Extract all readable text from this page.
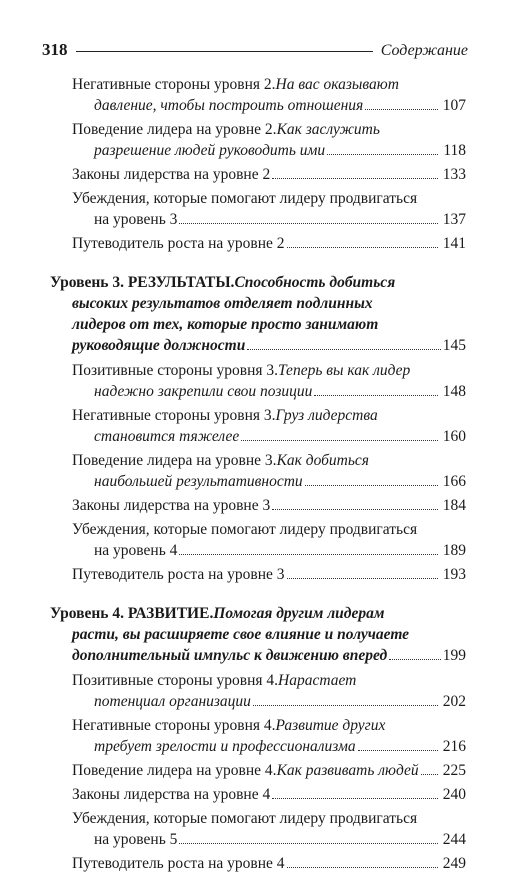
318	Содержание
Негативные стороны уровня 2. На вас оказывают
давление, чтобы построить отношения	107
Поведение лидера на уровне 2. Как заслужить
разрешение людей руководить ими	118
Законы лидерства на уровне 2	133
Убеждения, которые помогают лидеру продвигаться
на уровень 3	137
Путеводитель роста на уровне 2	141
Уровень 3. РЕЗУЛЬТАТЫ. Способность добиться
высоких результатов отделяет подлинных
лидеров от тех, которые просто занимают
руководящие должности	145
Позитивные стороны уровня 3. Теперь вы как лидер
надежно закрепили свои позиции	148
Негативные стороны уровня 3. Груз лидерства
становится тяжелее	160
Поведение лидера на уровне 3. Как добиться
наибольшей результативности	166
Законы лидерства на уровне 3	184
Убеждения, которые помогают лидеру продвигаться
на уровень 4	189
Путеводитель роста на уровне 3	193
Уровень 4. РАЗВИТИЕ. Помогая другим лидерам
расти, вы расширяете свое влияние и получаете
дополнительный импульс к движению вперед	199
Позитивные стороны уровня 4. Нарастает
потенциал организации	202
Негативные стороны уровня 4. Развитие других
требует зрелости и профессионализма	216
Поведение лидера на уровне 4. Как развивать людей 225
Законы лидерства на уровне 4	240
Убеждения, которые помогают лидеру продвигаться
на уровень 5	244
Путеводитель роста на уровне 4	249
